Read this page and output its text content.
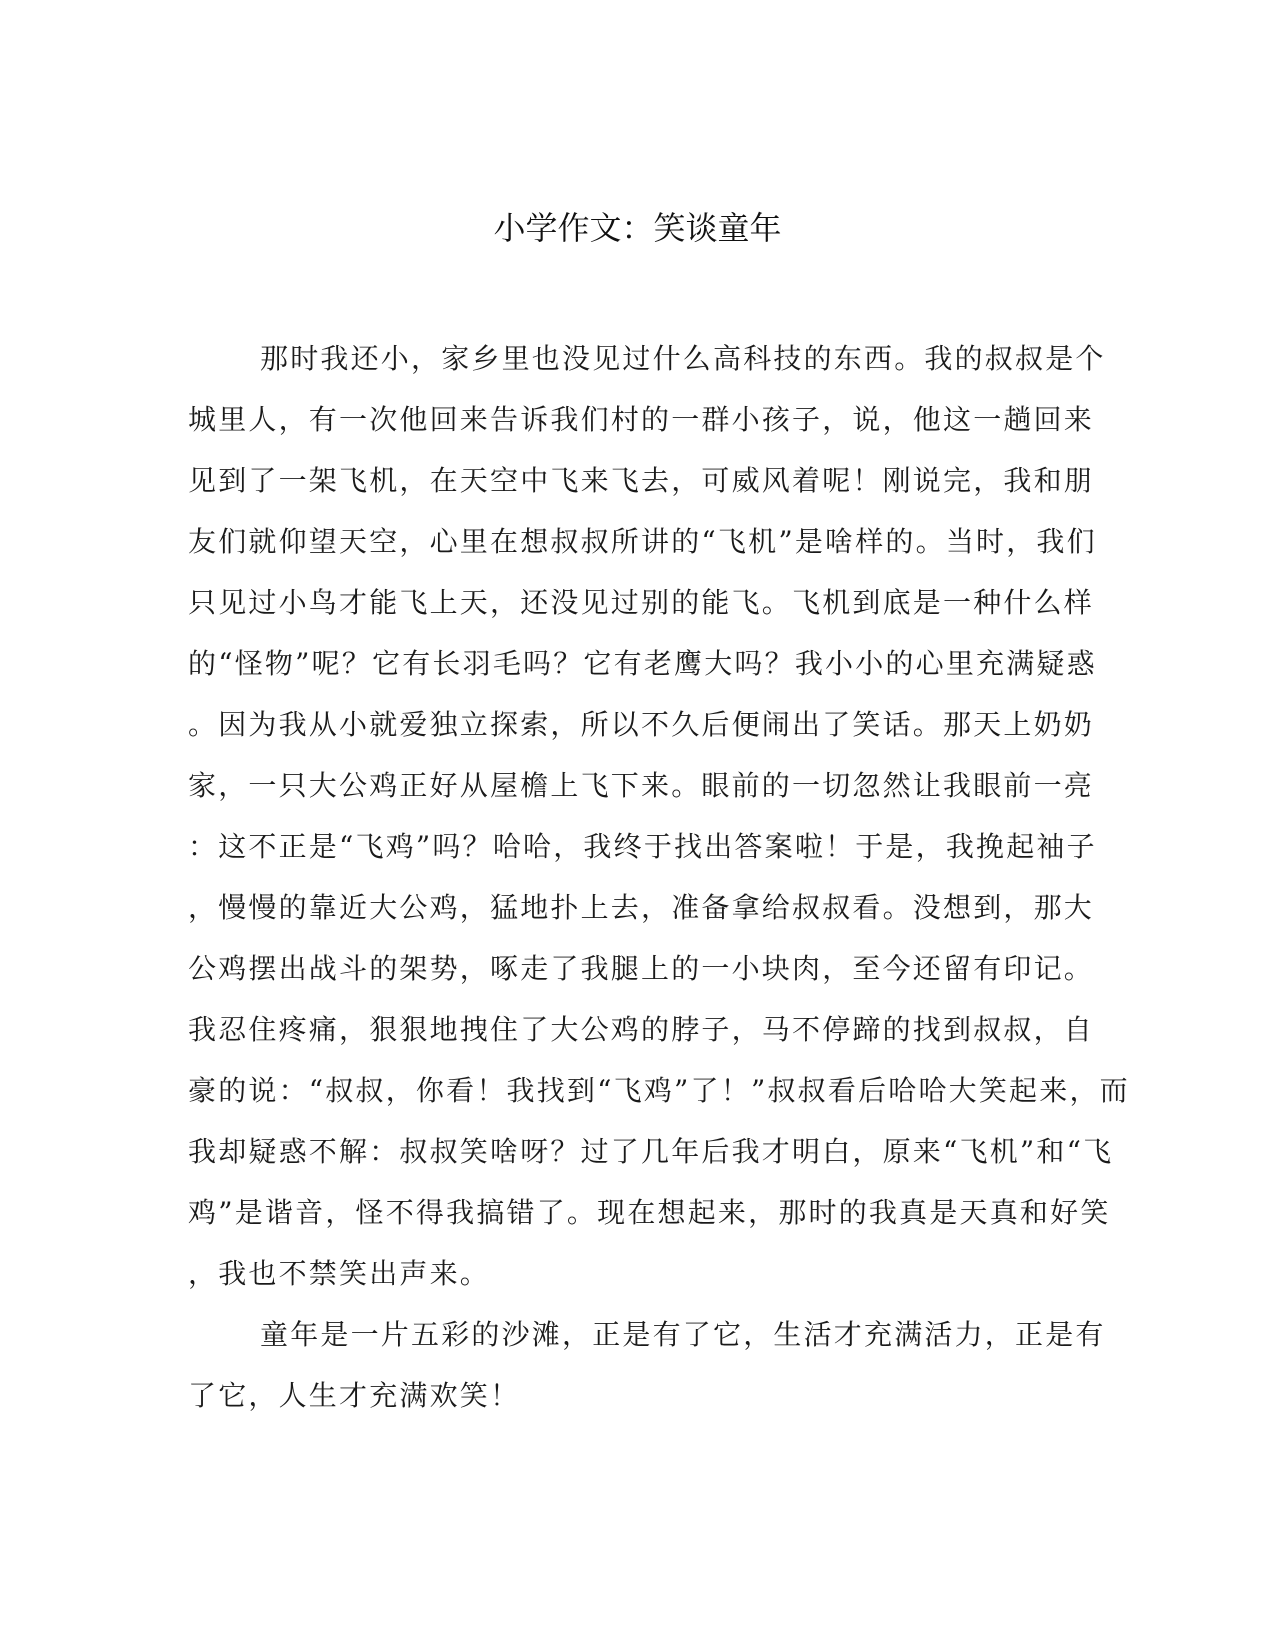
小学作文：笑谈童年
那时我还小，家乡里也没见过什么高科技的东西。我的叔叔是个
城里人，有一次他回来告诉我们村的一群小孩子，说，他这一趟回来
见到了一架飞机，在天空中飞来飞去，可威风着呢！刚说完，我和朋
友们就仰望天空，心里在想叔叔所讲的“飞机”是啥样的。当时，我们
只见过小鸟才能飞上天，还没见过别的能飞。飞机到底是一种什么样
的“怪物”呢？它有长羽毛吗？它有老鹰大吗？我小小的心里充满疑惑
。因为我从小就爱独立探索，所以不久后便闹出了笑话。那天上奶奶
家，一只大公鸡正好从屋檐上飞下来。眼前的一切忽然让我眼前一亮
：这不正是“飞鸡”吗？哈哈，我终于找出答案啦！于是，我挽起袖子
，慢慢的靠近大公鸡，猛地扑上去，准备拿给叔叔看。没想到，那大
公鸡摆出战斗的架势，啄走了我腿上的一小块肉，至今还留有印记。
我忍住疼痛，狠狠地拽住了大公鸡的脖子，马不停蹄的找到叔叔，自
豪的说：“叔叔，你看！我找到“飞鸡”了！”叔叔看后哈哈大笑起来，而
我却疑惑不解：叔叔笑啥呀？过了几年后我才明白，原来“飞机”和“飞
鸡”是谐音，怪不得我搞错了。现在想起来，那时的我真是天真和好笑
，我也不禁笑出声来。
童年是一片五彩的沙滩，正是有了它，生活才充满活力，正是有
了它，人生才充满欢笑！
